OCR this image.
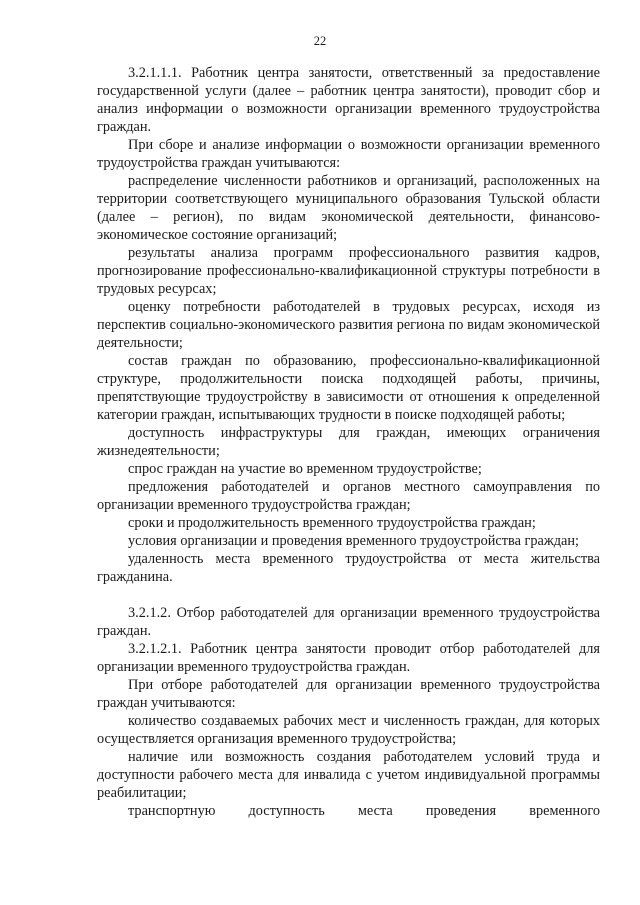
22

3.2.1.1.1. Работник центра занятости, ответственный за предоставление государственной услуги (далее – работник центра занятости), проводит сбор и анализ информации о возможности организации временного трудоустройства граждан.

При сборе и анализе информации о возможности организации временного трудоустройства граждан учитываются:

распределение численности работников и организаций, расположенных на территории соответствующего муниципального образования Тульской области (далее – регион), по видам экономической деятельности, финансово-экономическое состояние организаций;

результаты анализа программ профессионального развития кадров, прогнозирование профессионально-квалификационной структуры потребности в трудовых ресурсах;

оценку потребности работодателей в трудовых ресурсах, исходя из перспектив социально-экономического развития региона по видам экономической деятельности;

состав граждан по образованию, профессионально-квалификационной структуре, продолжительности поиска подходящей работы, причины, препятствующие трудоустройству в зависимости от отношения к определенной категории граждан, испытывающих трудности в поиске подходящей работы;

доступность инфраструктуры для граждан, имеющих ограничения жизнедеятельности;

спрос граждан на участие во временном трудоустройстве;

предложения работодателей и органов местного самоуправления по организации временного трудоустройства граждан;

сроки и продолжительность временного трудоустройства граждан;

условия организации и проведения временного трудоустройства граждан;

удаленность места временного трудоустройства от места жительства гражданина.

3.2.1.2. Отбор работодателей для организации временного трудоустройства граждан.

3.2.1.2.1. Работник центра занятости проводит отбор работодателей для организации временного трудоустройства граждан.

При отборе работодателей для организации временного трудоустройства граждан учитываются:

количество создаваемых рабочих мест и численность граждан, для которых осуществляется организация временного трудоустройства;

наличие или возможность создания работодателем условий труда и доступности рабочего места для инвалида с учетом индивидуальной программы реабилитации;

транспортную доступность места проведения временного
